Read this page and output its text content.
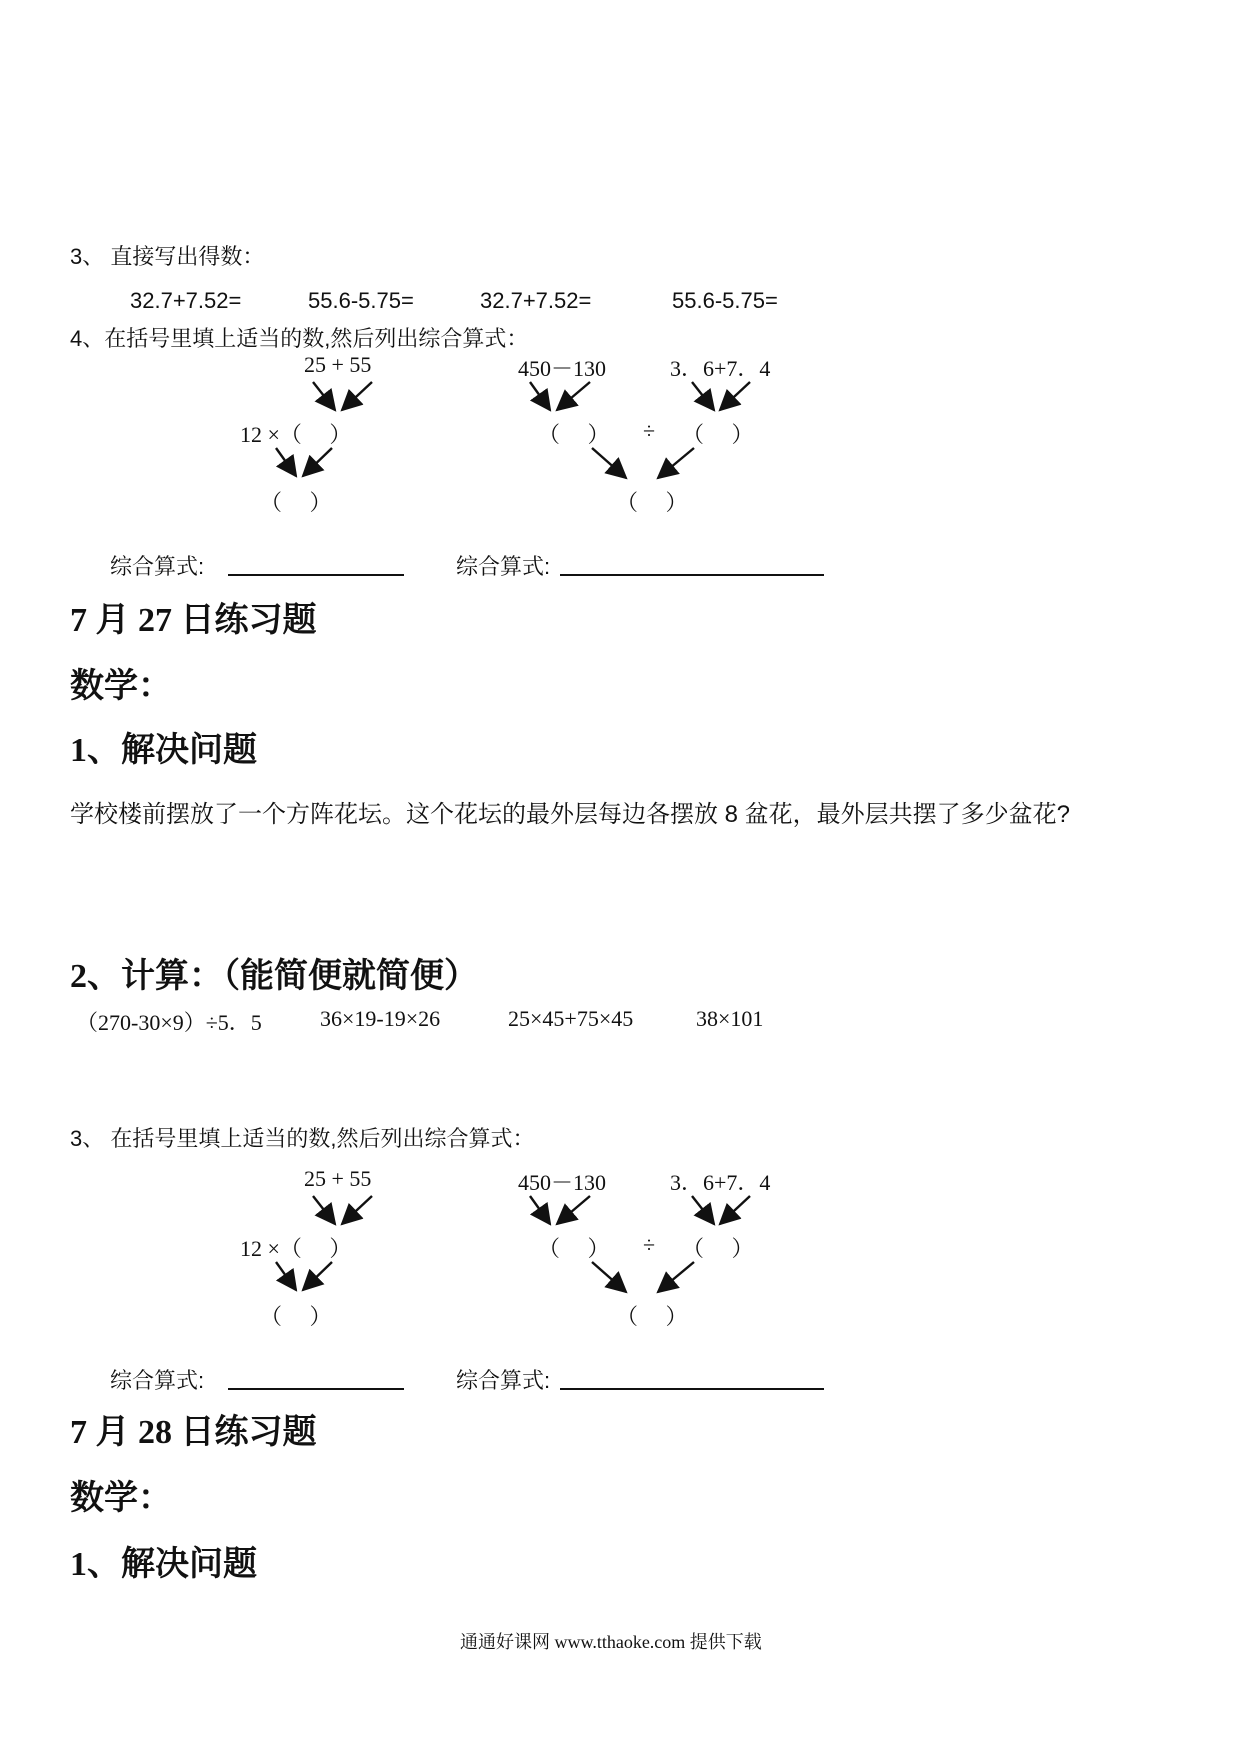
3、 直接写出得数：
32.7+7.52=	55.6-5.75=	32.7+7.52=	55.6-5.75=
4、在括号里填上适当的数,然后列出综合算式：
25 + 55
12 ×（　 ）
（　 ）
450－130	3．6+7．4
（　 ） ÷ （　 ）
（　 ）
综合算式:	综合算式:
7 月 27 日练习题
数学：
1、解决问题
学校楼前摆放了一个方阵花坛。这个花坛的最外层每边各摆放 8 盆花，最外层共摆了多少盆花?
2、计算：（能简便就简便）
（270-30×9）÷5．5	36×19-19×26	25×45+75×45	38×101
3、 在括号里填上适当的数,然后列出综合算式：
25 + 55
12 ×（　 ）
（　 ）
450－130	3．6+7．4
（　 ） ÷ （　 ）
（　 ）
综合算式:	综合算式:
7 月 28 日练习题
数学：
1、解决问题
通通好课网 www.tthaoke.com 提供下载
